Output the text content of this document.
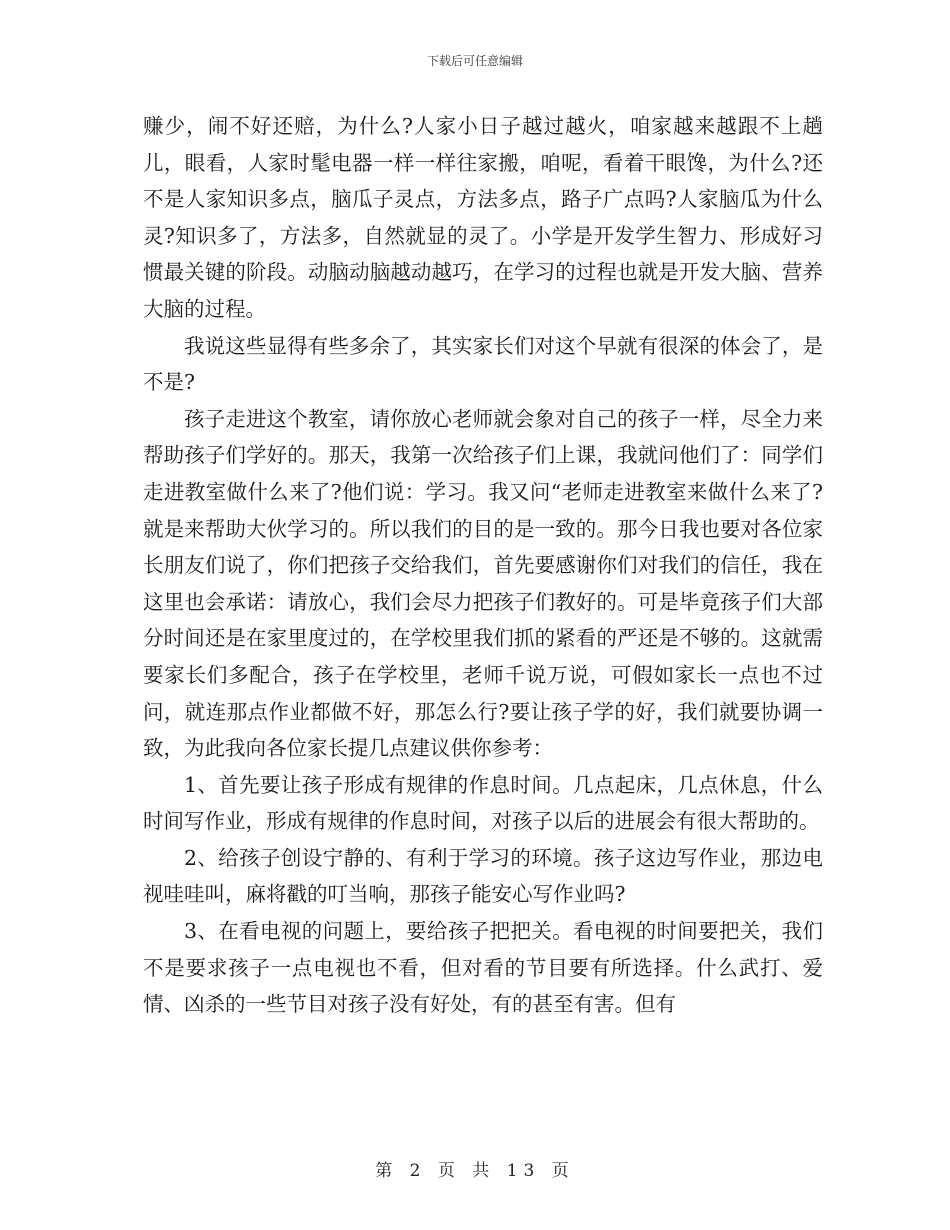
下载后可任意编辑

赚少，闹不好还赔，为什么?人家小日子越过越火，咱家越来越跟不上趟儿，眼看，人家时髦电器一样一样往家搬，咱呢，看着干眼馋，为什么?还不是人家知识多点，脑瓜子灵点，方法多点，路子广点吗?人家脑瓜为什么灵?知识多了，方法多，自然就显的灵了。小学是开发学生智力、形成好习惯最关键的阶段。动脑动脑越动越巧，在学习的过程也就是开发大脑、营养大脑的过程。

我说这些显得有些多余了，其实家长们对这个早就有很深的体会了，是不是?

孩子走进这个教室，请你放心老师就会象对自己的孩子一样，尽全力来帮助孩子们学好的。那天，我第一次给孩子们上课，我就问他们了：同学们走进教室做什么来了?他们说：学习。我又问“老师走进教室来做什么来了?就是来帮助大伙学习的。所以我们的目的是一致的。那今日我也要对各位家长朋友们说了，你们把孩子交给我们，首先要感谢你们对我们的信任，我在这里也会承诺：请放心，我们会尽力把孩子们教好的。可是毕竟孩子们大部分时间还是在家里度过的，在学校里我们抓的紧看的严还是不够的。这就需要家长们多配合，孩子在学校里，老师千说万说，可假如家长一点也不过问，就连那点作业都做不好，那怎么行?要让孩子学的好，我们就要协调一致，为此我向各位家长提几点建议供你参考：

1、首先要让孩子形成有规律的作息时间。几点起床，几点休息，什么时间写作业，形成有规律的作息时间，对孩子以后的进展会有很大帮助的。

2、给孩子创设宁静的、有利于学习的环境。孩子这边写作业，那边电视哇哇叫，麻将戳的叮当响，那孩子能安心写作业吗?

3、在看电视的问题上，要给孩子把把关。看电视的时间要把关，我们不是要求孩子一点电视也不看，但对看的节目要有所选择。什么武打、爱情、凶杀的一些节目对孩子没有好处，有的甚至有害。但有

第 2 页 共 13 页
